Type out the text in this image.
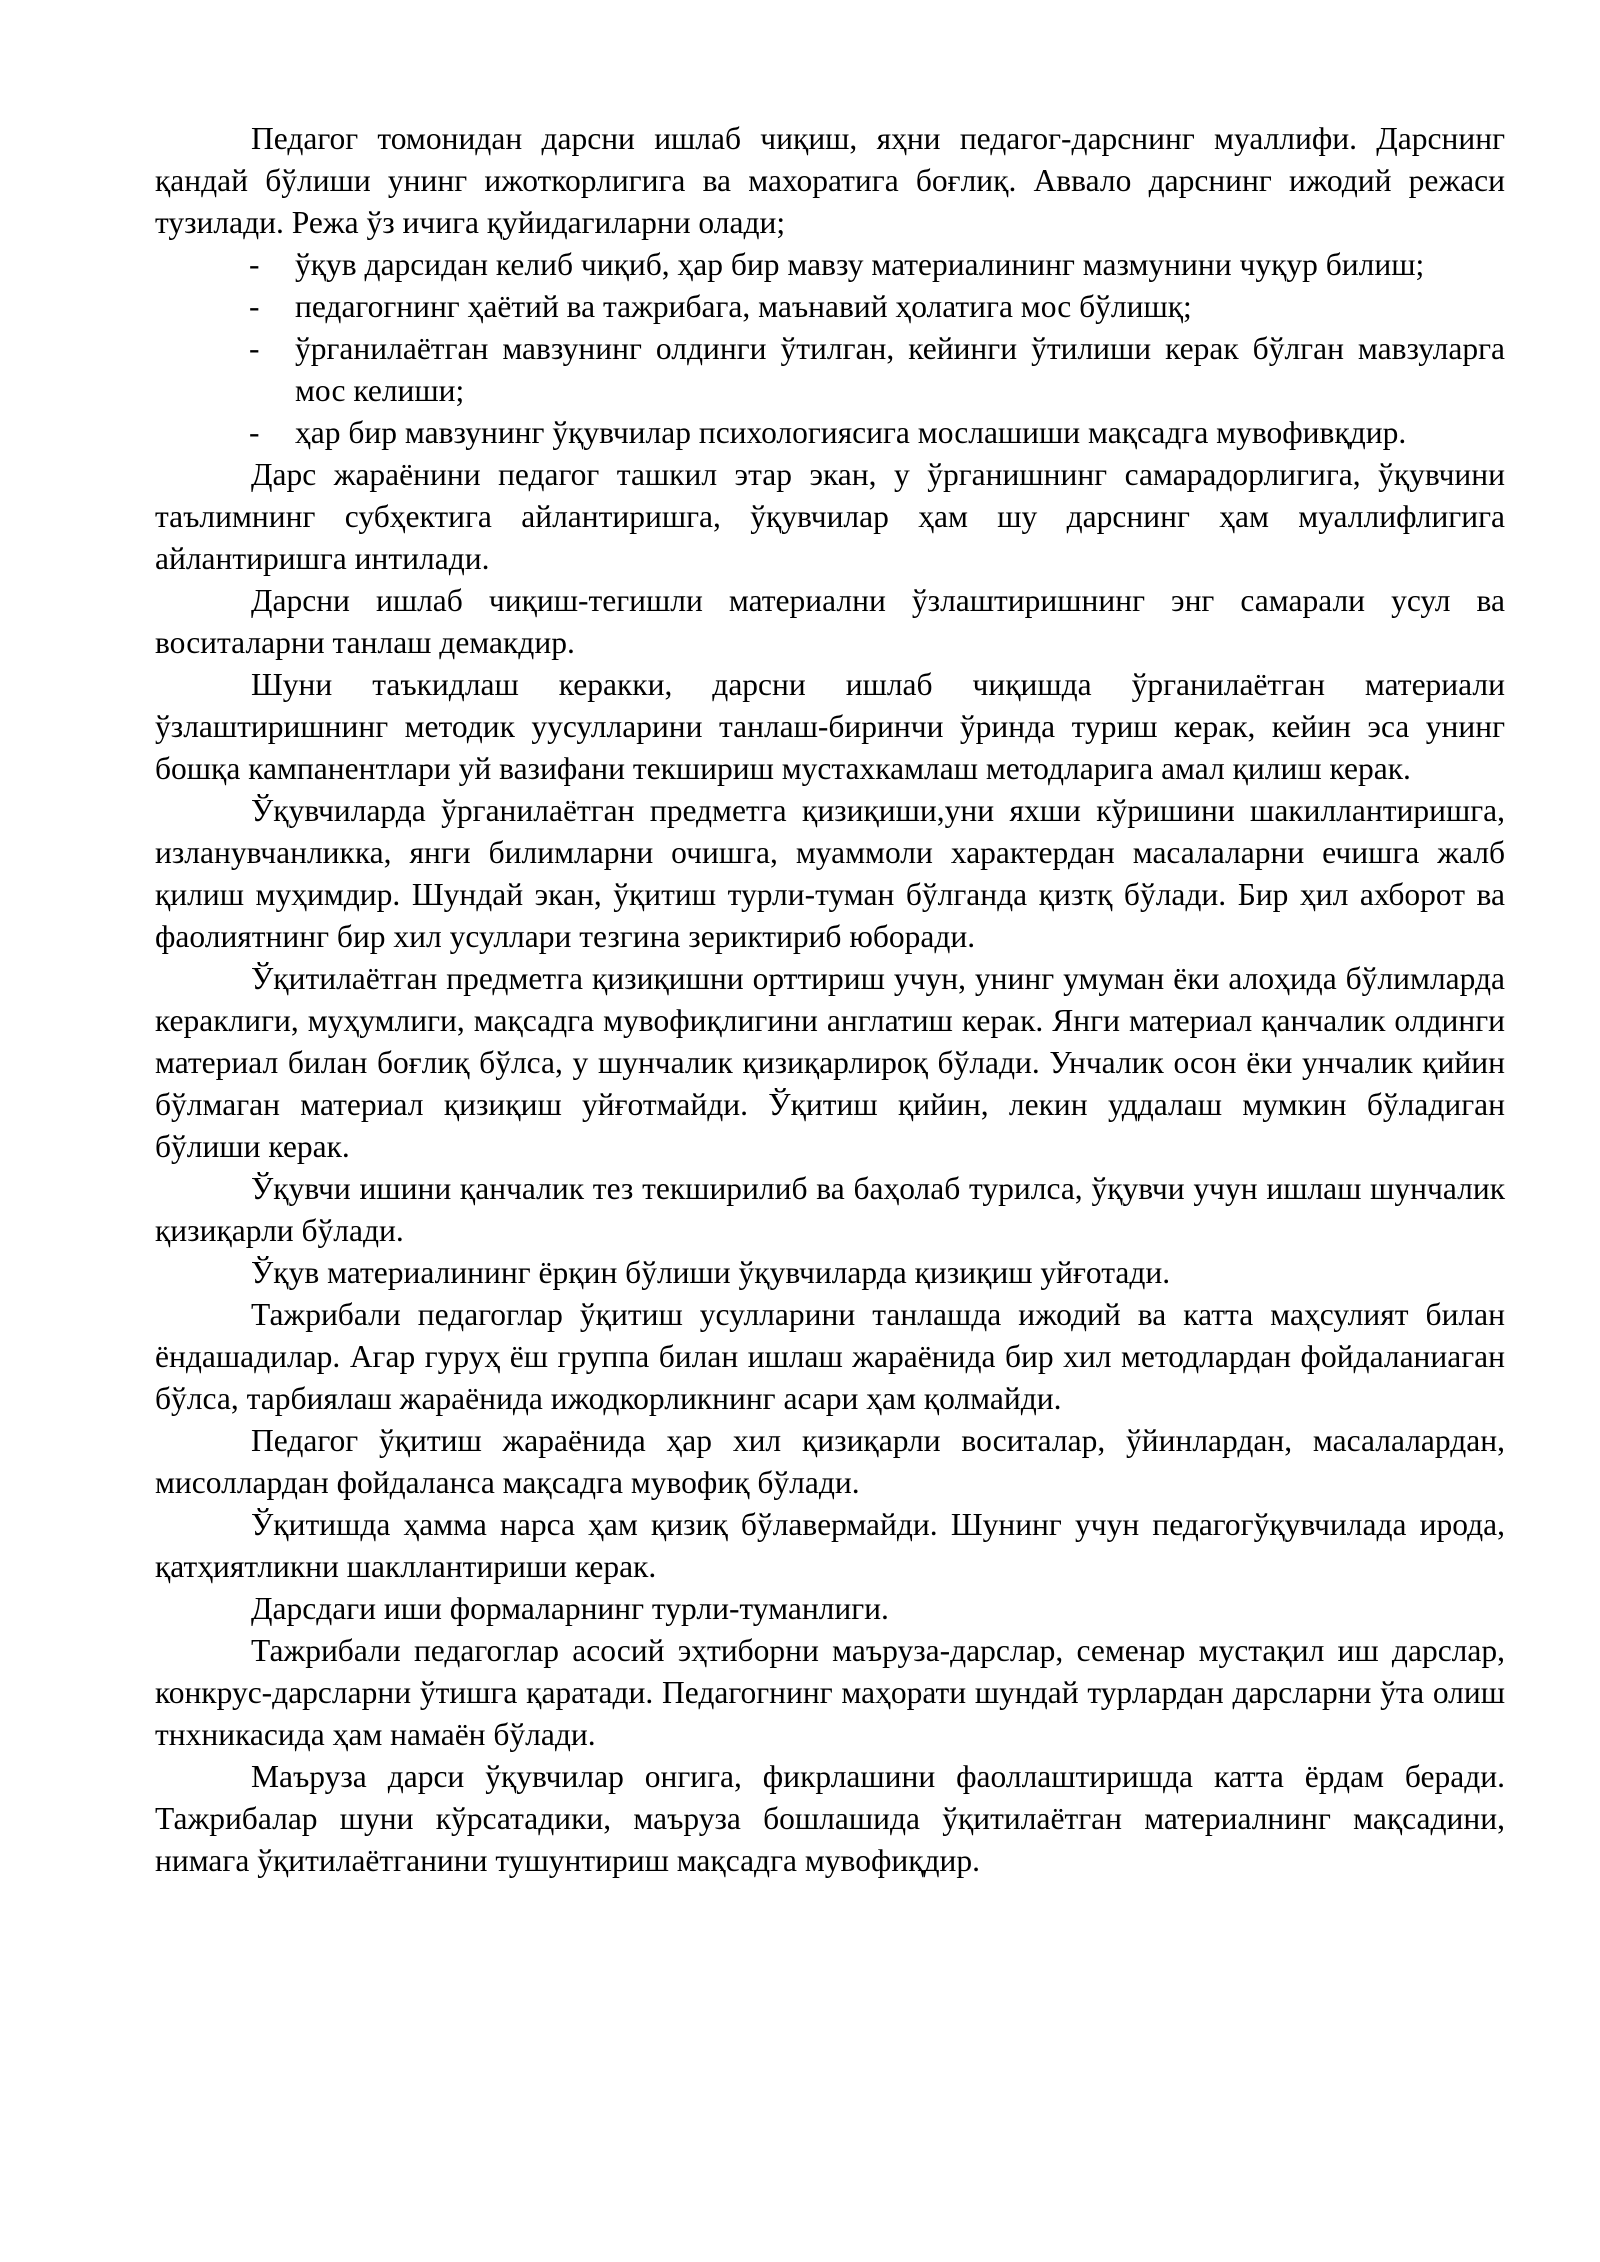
Педагог томонидан дарсни ишлаб чиқиш, яҳни педагог-дарснинг муаллифи. Дарснинг қандай бўлиши унинг ижоткорлигига ва махоратига боғлиқ. Аввало дарснинг ижодий режаси тузилади. Режа ўз ичига қуйидагиларни олади;

- ўқув дарсидан келиб чиқиб, ҳар бир мавзу материалининг мазмунини чуқур билиш;
- педагогнинг ҳаётий ва тажрибага, маънавий ҳолатига мос бўлишқ;
- ўрганилаётган мавзунинг олдинги ўтилган, кейинги ўтилиши керак бўлган мавзуларга мос келиши;
- ҳар бир мавзунинг ўқувчилар психологиясига мослашиши мақсадга мувофивқдир.

Дарс жараёнини педагог ташкил этар экан, у ўрганишнинг самарадорлигига, ўқувчини таълимнинг субҳектига айлантиришга, ўқувчилар ҳам шу дарснинг ҳам муаллифлигига айлантиришга интилади.

Дарсни ишлаб чиқиш-тегишли материални ўзлаштиришнинг энг самарали усул ва воситаларни танлаш демакдир.

Шуни таъкидлаш керакки, дарсни ишлаб чиқишда ўрганилаётган материали ўзлаштиришнинг методик уусулларини танлаш-биринчи ўринда туриш керак, кейин эса унинг бошқа кампанентлари уй вазифани текшириш мустахкамлаш методларига амал қилиш керак.

Ўқувчиларда ўрганилаётган предметга қизиқиши,уни яхши кўришини шакиллантиришга, изланувчанликка, янги билимларни очишга, муаммоли характердан масалаларни ечишга жалб қилиш муҳимдир. Шундай экан, ўқитиш турли-туман бўлганда қизтқ бўлади. Бир ҳил ахборот ва фаолиятнинг бир хил усуллари тезгина зериктириб юборади.

Ўқитилаётган предметга қизиқишни орттириш учун, унинг умуман ёки алоҳида бўлимларда кераклиги, муҳумлиги, мақсадга мувофиқлигини англатиш керак. Янги материал қанчалик олдинги материал билан боғлиқ бўлса, у шунчалик қизиқарлироқ бўлади. Унчалик осон ёки унчалик қийин бўлмаган материал қизиқиш уйғотмайди. Ўқитиш қийин, лекин уддалаш мумкин бўладиган бўлиши керак.

Ўқувчи ишини қанчалик тез текширилиб ва баҳолаб турилса, ўқувчи учун ишлаш шунчалик қизиқарли бўлади.

Ўқув материалининг ёрқин бўлиши ўқувчиларда қизиқиш уйғотади.

Тажрибали педагоглар ўқитиш усулларини танлашда ижодий ва катта маҳсулият билан ёндашадилар. Агар гуруҳ ёш группа билан ишлаш жараёнида бир хил методлардан фойдаланиаган бўлса, тарбиялаш жараёнида ижодкорликнинг асари ҳам қолмайди.

Педагог ўқитиш жараёнида ҳар хил қизиқарли воситалар, ўйинлардан, масалалардан, мисоллардан фойдаланса мақсадга мувофиқ бўлади.

Ўқитишда ҳамма нарса ҳам қизиқ бўлавермайди. Шунинг учун педагогўқувчилада ирода, қатҳиятликни шакллантириши керак.

Дарсдаги иши формаларнинг турли-туманлиги.

Тажрибали педагоглар асосий эҳтиборни маъруза-дарслар, семенар мустақил иш дарслар, конкрус-дарсларни ўтишга қаратади. Педагогнинг маҳорати шундай турлардан дарсларни ўта олиш тнхникасида ҳам намаён бўлади.

Маъруза дарси ўқувчилар онгига, фикрлашини фаоллаштиришда катта ёрдам беради. Тажрибалар шуни кўрсатадики, маъруза бошлашида ўқитилаётган материалнинг мақсадини, нимага ўқитилаётганини тушунтириш мақсадга мувофиқдир.
